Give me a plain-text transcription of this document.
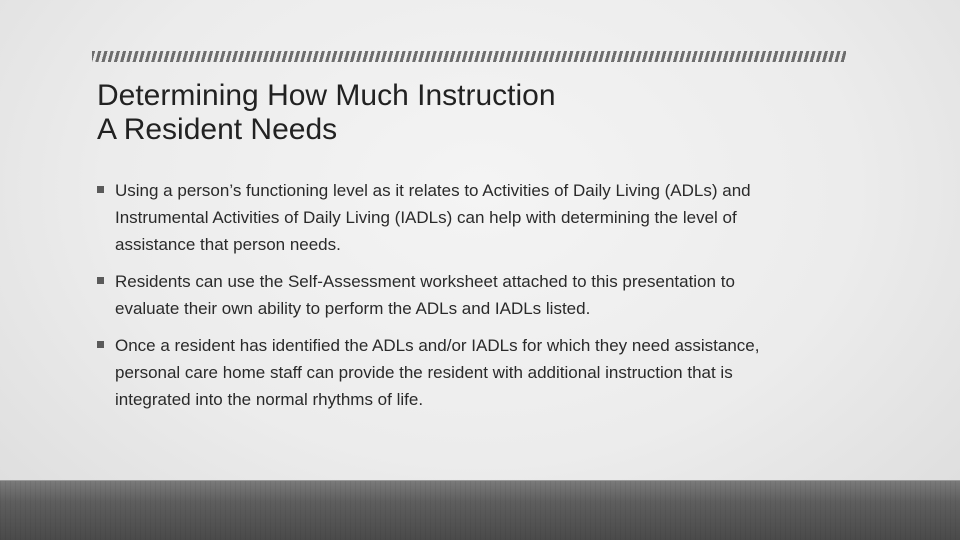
Determining How Much Instruction
A Resident Needs
Using a person’s functioning level as it relates to Activities of Daily Living (ADLs) and
Instrumental Activities of Daily Living (IADLs) can help with determining the level of
assistance that person needs.
Residents can use the Self-Assessment worksheet attached to this presentation to
evaluate their own ability to perform the ADLs and IADLs listed.
Once a resident has identified the ADLs and/or IADLs for which they need assistance,
personal care home staff can provide the resident with additional instruction that is
integrated into the normal rhythms of life.
